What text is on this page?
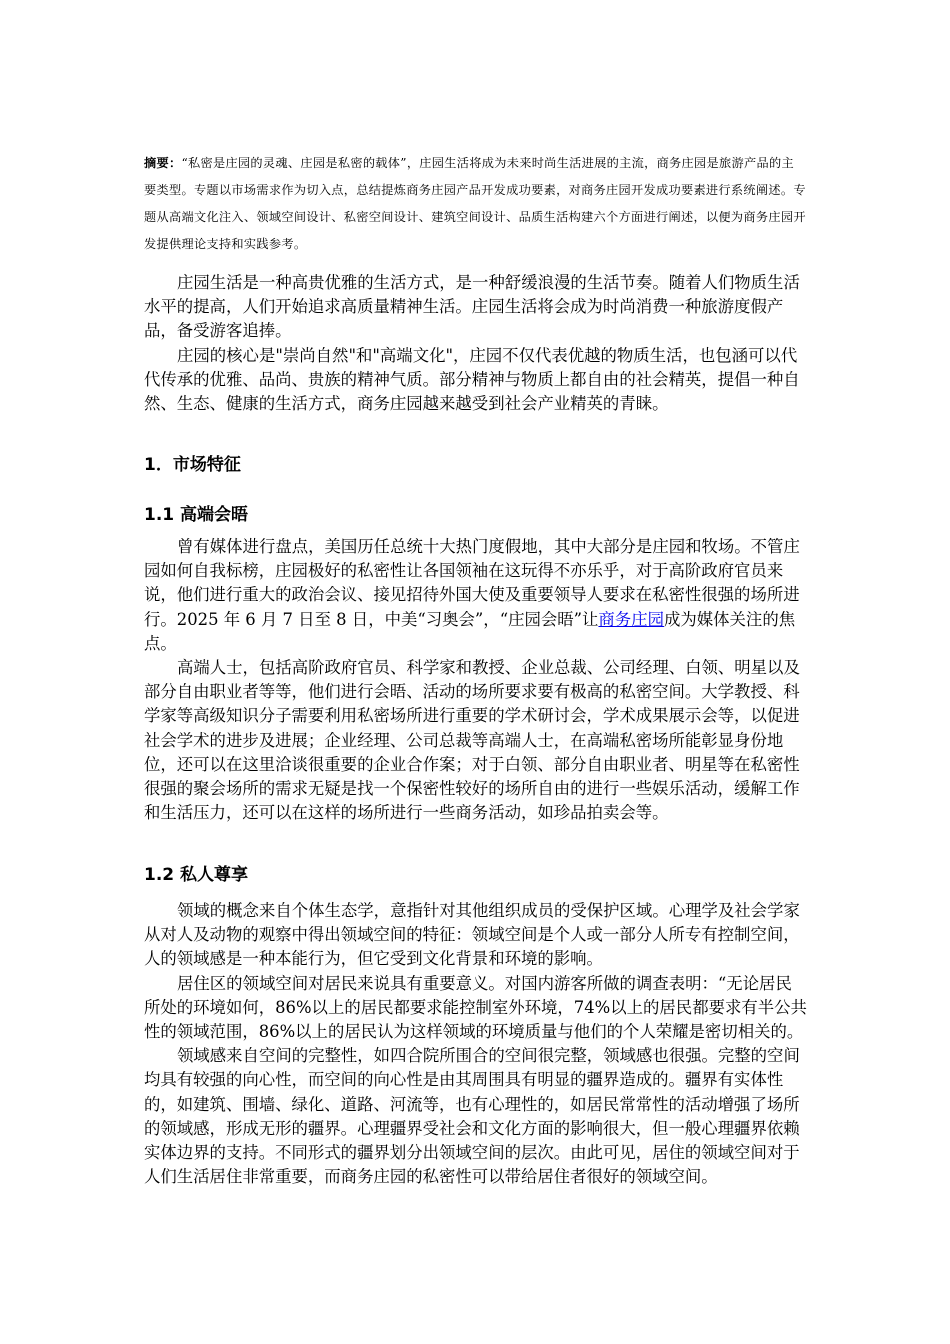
摘要：“私密是庄园的灵魂、庄园是私密的载体”，庄园生活将成为未来时尚生活进展的主流，商务庄园是旅游产品的主要类型。专题以市场需求作为切入点，总结提炼商务庄园产品开发成功要素，对商务庄园开发成功要素进行系统阐述。专题从高端文化注入、领域空间设计、私密空间设计、建筑空间设计、品质生活构建六个方面进行阐述，以便为商务庄园开发提供理论支持和实践参考。

庄园生活是一种高贵优雅的生活方式，是一种舒缓浪漫的生活节奏。随着人们物质生活水平的提高，人们开始追求高质量精神生活。庄园生活将会成为时尚消费一种旅游度假产品，备受游客追捧。

庄园的核心是"崇尚自然"和"高端文化"，庄园不仅代表优越的物质生活，也包涵可以代代传承的优雅、品尚、贵族的精神气质。部分精神与物质上都自由的社会精英，提倡一种自然、生态、健康的生活方式，商务庄园越来越受到社会产业精英的青睐。

1．市场特征
1.1 高端会晤

曾有媒体进行盘点，美国历任总统十大热门度假地，其中大部分是庄园和牧场。不管庄园如何自我标榜，庄园极好的私密性让各国领袖在这玩得不亦乐乎，对于高阶政府官员来说，他们进行重大的政治会议、接见招待外国大使及重要领导人要求在私密性很强的场所进行。2025 年 6 月 7 日至 8 日，中美“习奥会”，“庄园会晤”让商务庄园成为媒体关注的焦点。

高端人士，包括高阶政府官员、科学家和教授、企业总裁、公司经理、白领、明星以及部分自由职业者等等，他们进行会晤、活动的场所要求要有极高的私密空间。大学教授、科学家等高级知识分子需要利用私密场所进行重要的学术研讨会，学术成果展示会等，以促进社会学术的进步及进展；企业经理、公司总裁等高端人士，在高端私密场所能彰显身份地位，还可以在这里洽谈很重要的企业合作案；对于白领、部分自由职业者、明星等在私密性很强的聚会场所的需求无疑是找一个保密性较好的场所自由的进行一些娱乐活动，缓解工作和生活压力，还可以在这样的场所进行一些商务活动，如珍品拍卖会等。

1.2 私人尊享

领域的概念来自个体生态学，意指针对其他组织成员的受保护区域。心理学及社会学家从对人及动物的观察中得出领域空间的特征：领域空间是个人或一部分人所专有控制空间，人的领域感是一种本能行为，但它受到文化背景和环境的影响。

居住区的领域空间对居民来说具有重要意义。对国内游客所做的调查表明：“无论居民所处的环境如何，86%以上的居民都要求能控制室外环境，74%以上的居民都要求有半公共性的领域范围，86%以上的居民认为这样领域的环境质量与他们的个人荣耀是密切相关的。

领域感来自空间的完整性，如四合院所围合的空间很完整，领域感也很强。完整的空间均具有较强的向心性，而空间的向心性是由其周围具有明显的疆界造成的。疆界有实体性的，如建筑、围墙、绿化、道路、河流等，也有心理性的，如居民常常性的活动增强了场所的领域感，形成无形的疆界。心理疆界受社会和文化方面的影响很大，但一般心理疆界依赖实体边界的支持。不同形式的疆界划分出领域空间的层次。由此可见，居住的领域空间对于人们生活居住非常重要，而商务庄园的私密性可以带给居住者很好的领域空间。
